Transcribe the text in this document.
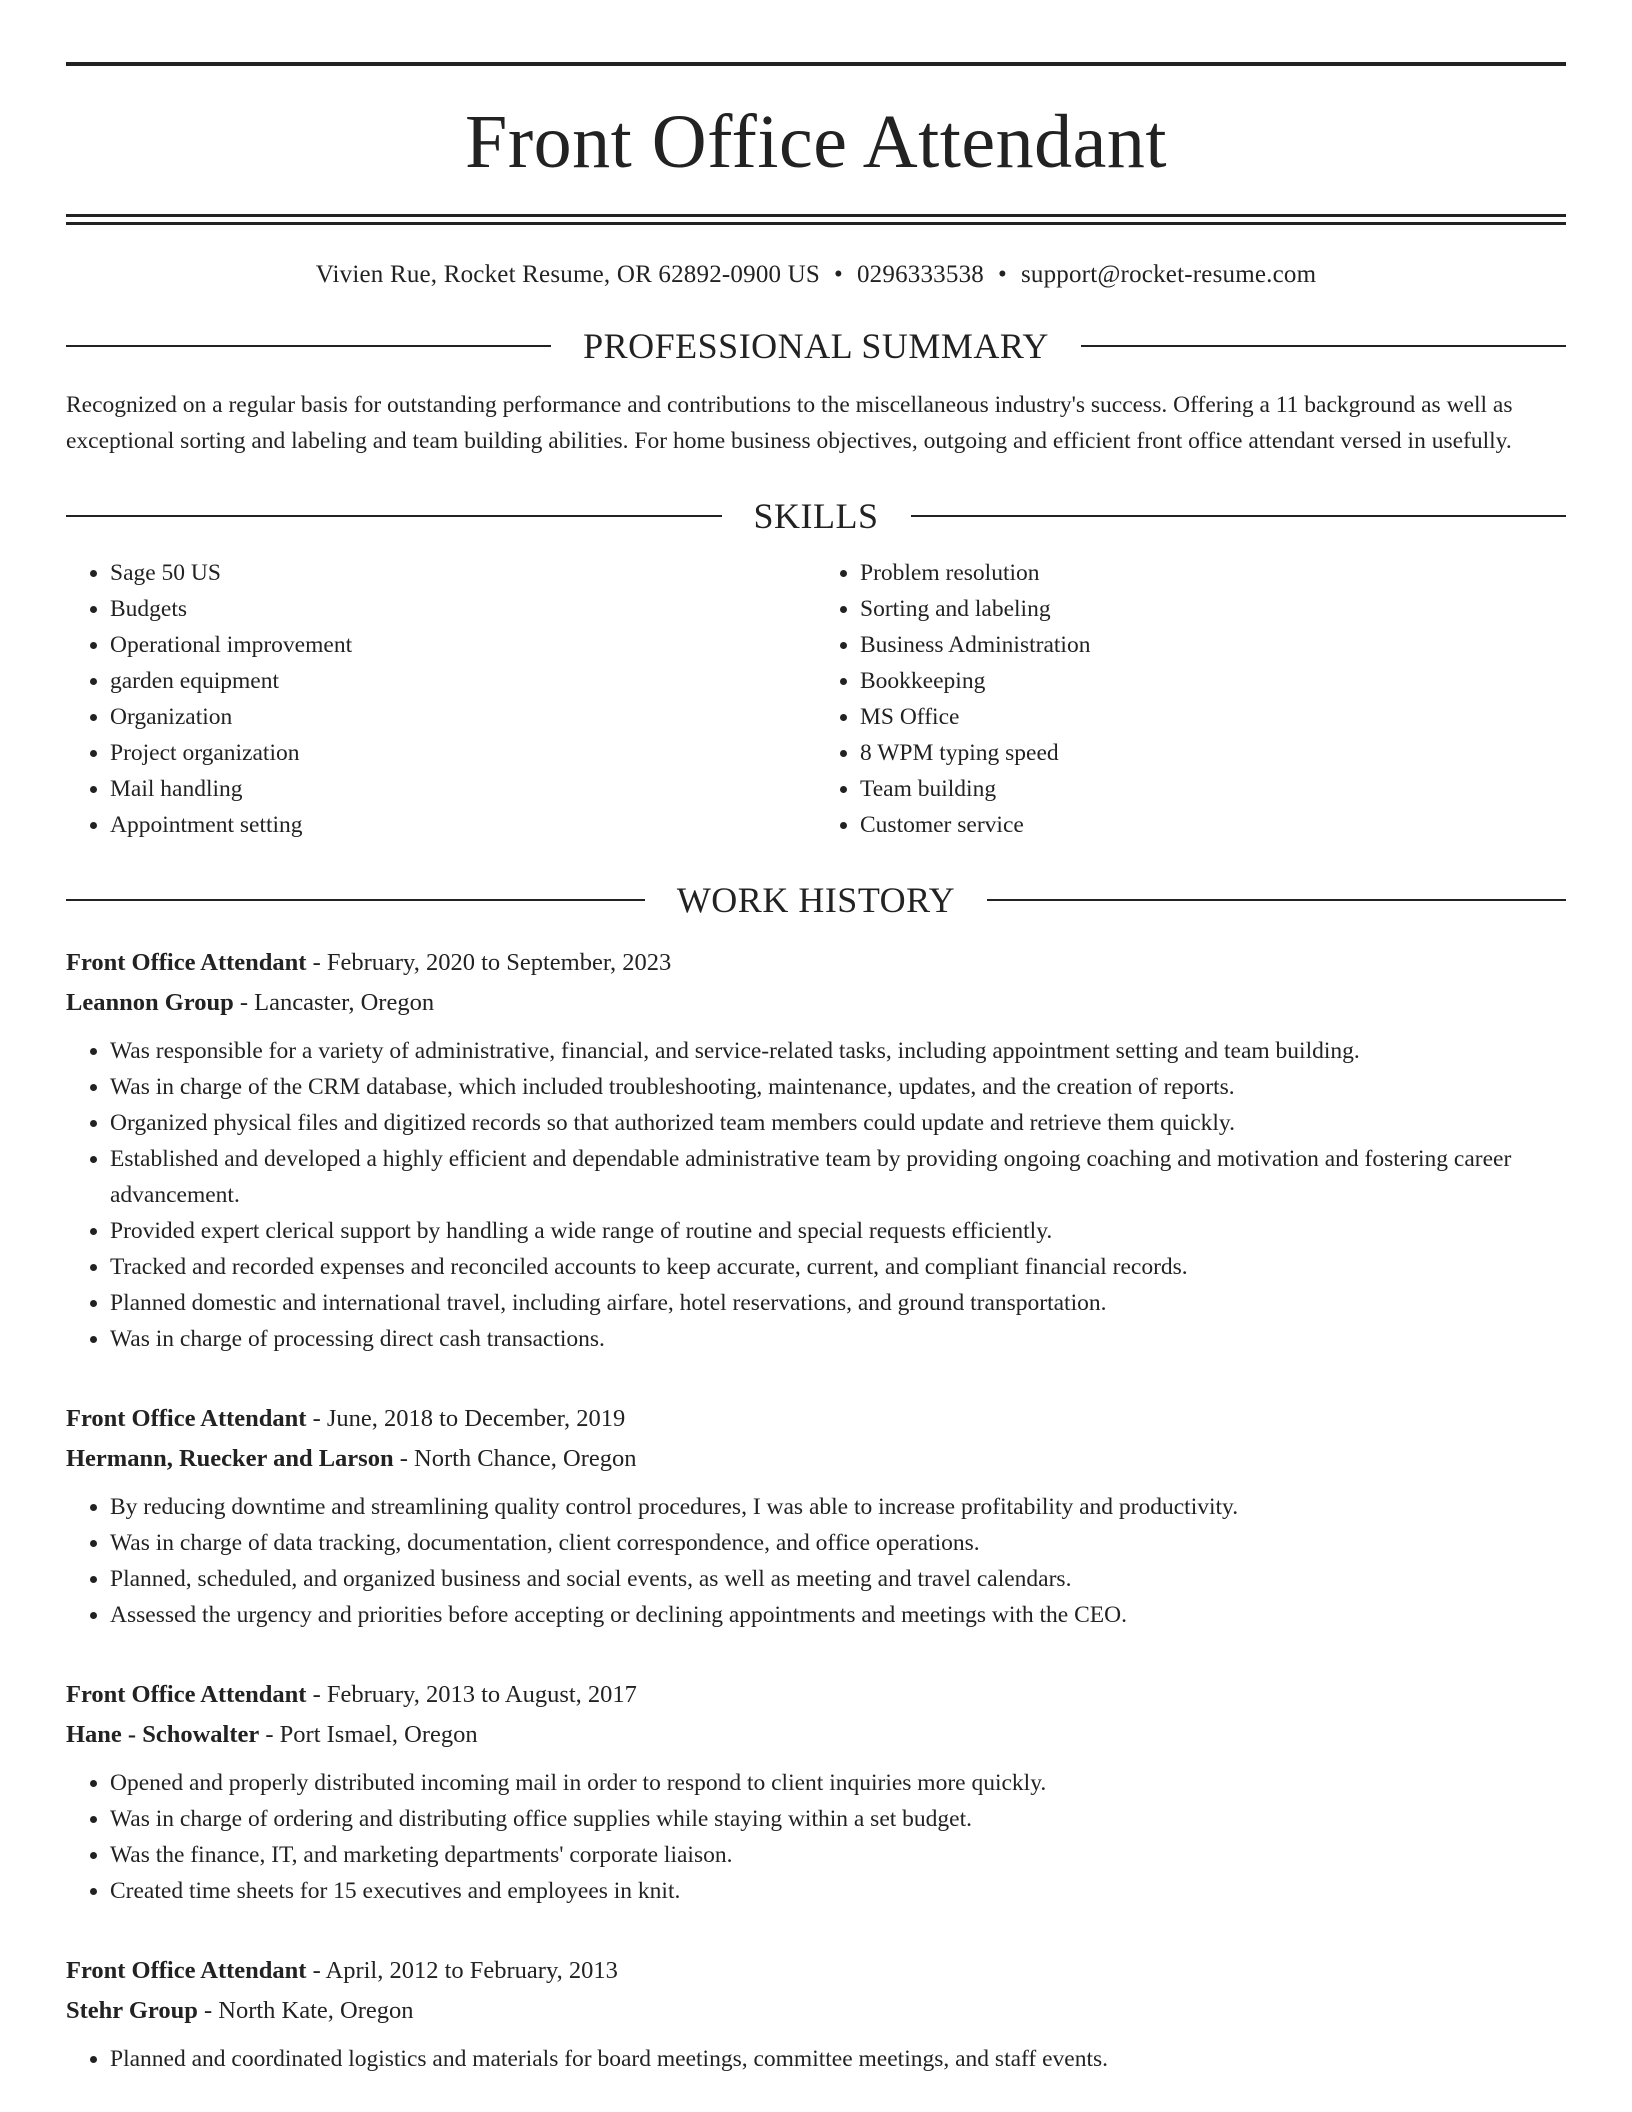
Front Office Attendant
Vivien Rue, Rocket Resume, OR 62892-0900 US • 0296333538 • support@rocket-resume.com
PROFESSIONAL SUMMARY
Recognized on a regular basis for outstanding performance and contributions to the miscellaneous industry's success. Offering a 11 background as well as exceptional sorting and labeling and team building abilities. For home business objectives, outgoing and efficient front office attendant versed in usefully.
SKILLS
• Sage 50 US
• Budgets
• Operational improvement
• garden equipment
• Organization
• Project organization
• Mail handling
• Appointment setting
• Problem resolution
• Sorting and labeling
• Business Administration
• Bookkeeping
• MS Office
• 8 WPM typing speed
• Team building
• Customer service
WORK HISTORY
Front Office Attendant - February, 2020 to September, 2023
Leannon Group - Lancaster, Oregon
• Was responsible for a variety of administrative, financial, and service-related tasks, including appointment setting and team building.
• Was in charge of the CRM database, which included troubleshooting, maintenance, updates, and the creation of reports.
• Organized physical files and digitized records so that authorized team members could update and retrieve them quickly.
• Established and developed a highly efficient and dependable administrative team by providing ongoing coaching and motivation and fostering career advancement.
• Provided expert clerical support by handling a wide range of routine and special requests efficiently.
• Tracked and recorded expenses and reconciled accounts to keep accurate, current, and compliant financial records.
• Planned domestic and international travel, including airfare, hotel reservations, and ground transportation.
• Was in charge of processing direct cash transactions.
Front Office Attendant - June, 2018 to December, 2019
Hermann, Ruecker and Larson - North Chance, Oregon
• By reducing downtime and streamlining quality control procedures, I was able to increase profitability and productivity.
• Was in charge of data tracking, documentation, client correspondence, and office operations.
• Planned, scheduled, and organized business and social events, as well as meeting and travel calendars.
• Assessed the urgency and priorities before accepting or declining appointments and meetings with the CEO.
Front Office Attendant - February, 2013 to August, 2017
Hane - Schowalter - Port Ismael, Oregon
• Opened and properly distributed incoming mail in order to respond to client inquiries more quickly.
• Was in charge of ordering and distributing office supplies while staying within a set budget.
• Was the finance, IT, and marketing departments' corporate liaison.
• Created time sheets for 15 executives and employees in knit.
Front Office Attendant - April, 2012 to February, 2013
Stehr Group - North Kate, Oregon
• Planned and coordinated logistics and materials for board meetings, committee meetings, and staff events.
